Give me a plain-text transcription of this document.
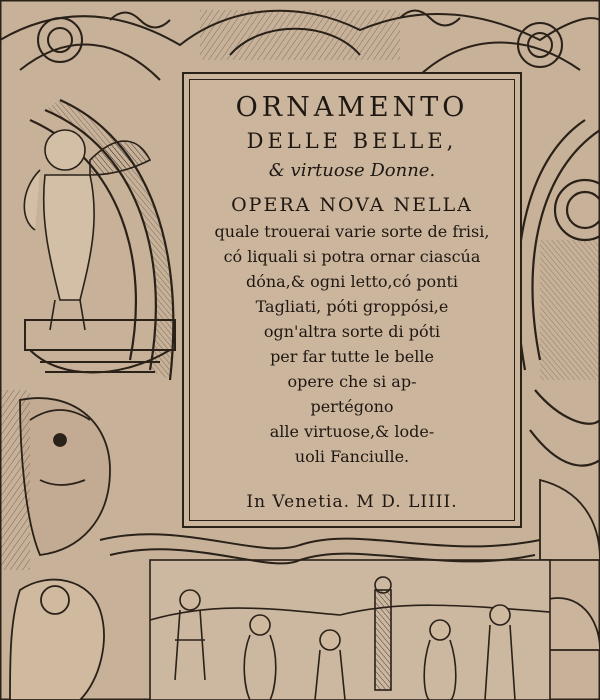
ORNAMENTO
DELLE BELLE,
& virtuose Donne.
OPERA NOVA NELLA
quale trouerai varie sorte de frisi,
có liquali si potra ornar ciascúa
dóna,& ogni letto,có ponti
Tagliati, póti groppósi,e
ogn'altra sorte di póti
per far tutte le belle
opere che si ap-
pertégono
alle virtuose,& lode-
uoli Fanciulle.
In Venetia. M D. LIIII.
